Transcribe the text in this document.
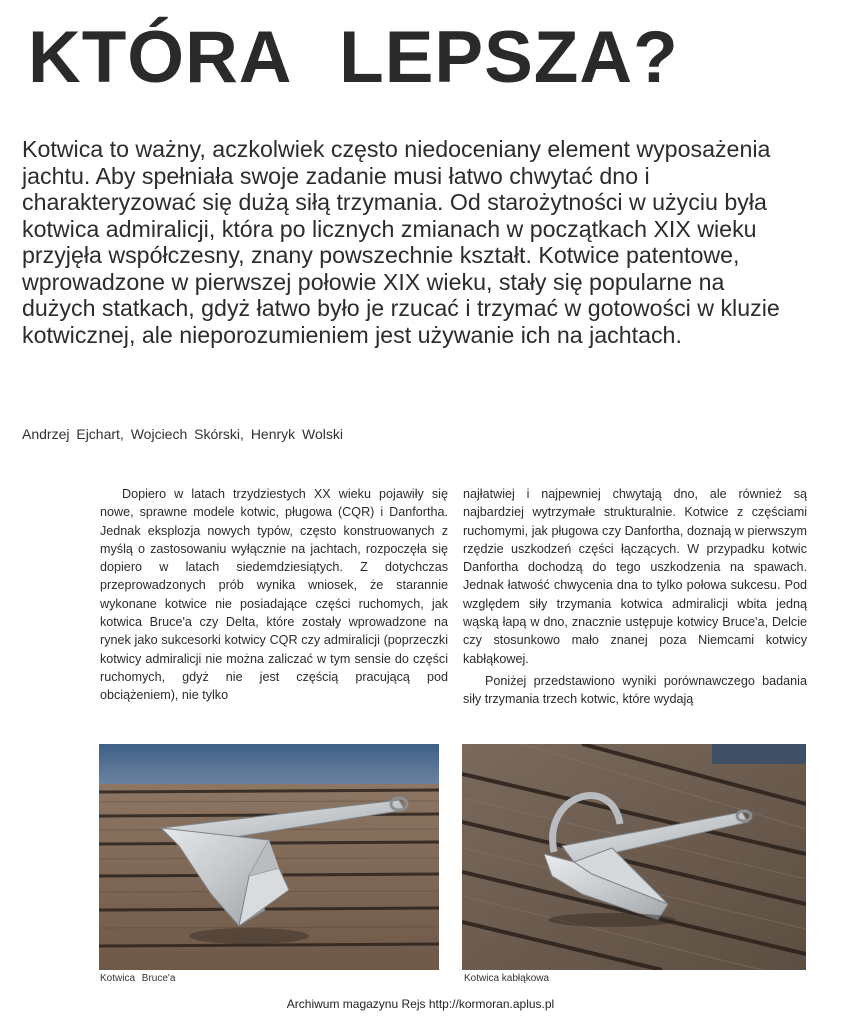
KTÓRA LEPSZA?

Kotwica to ważny, aczkolwiek często niedoceniany element wyposażenia jachtu. Aby spełniała swoje zadanie musi łatwo chwytać dno i charakteryzować się dużą siłą trzymania. Od starożytności w użyciu była kotwica admiralicji, która po licznych zmianach w początkach XIX wieku przyjęła współczesny, znany powszechnie kształt. Kotwice patentowe, wprowadzone w pierwszej połowie XIX wieku, stały się popularne na dużych statkach, gdyż łatwo było je rzucać i trzymać w gotowości w kluzie kotwicznej, ale nieporozumieniem jest używanie ich na jachtach.

Andrzej Ejchart, Wojciech Skórski, Henryk Wolski

Dopiero w latach trzydziestych XX wieku pojawiły się nowe, sprawne modele kotwic, pługowa (CQR) i Danfortha. Jednak eksplozja nowych typów, często konstruowanych z myślą o zastosowaniu wyłącznie na jachtach, rozpoczęła się dopiero w latach siedemdziesiątych. Z dotychczas przeprowadzonych prób wynika wniosek, że starannie wykonane kotwice nie posiadające części ruchomych, jak kotwica Bruce'a czy Delta, które zostały wprowadzone na rynek jako sukcesorki kotwicy CQR czy admiralicji (poprzeczki kotwicy admiralicji nie można zaliczać w tym sensie do części ruchomych, gdyż nie jest częścią pracującą pod obciążeniem), nie tylko

najłatwiej i najpewniej chwytają dno, ale również są najbardziej wytrzymałe strukturalnie. Kotwice z częściami ruchomymi, jak pługowa czy Danfortha, doznają w pierwszym rzędzie uszkodzeń części łączących. W przypadku kotwic Danfortha dochodzą do tego uszkodzenia na spawach. Jednak łatwość chwycenia dna to tylko połowa sukcesu. Pod względem siły trzymania kotwica admiralicji wbita jedną wąską łapą w dno, znacznie ustępuje kotwicy Bruce'a, Delcie czy stosunkowo mało znanej poza Niemcami kotwicy kabłąkowej.

Poniżej przedstawiono wyniki porównawczego badania siły trzymania trzech kotwic, które wydają

Kotwica Bruce'a	Kotwica kabłąkowa
Archiwum magazynu Rejs http://kormoran.aplus.pl
